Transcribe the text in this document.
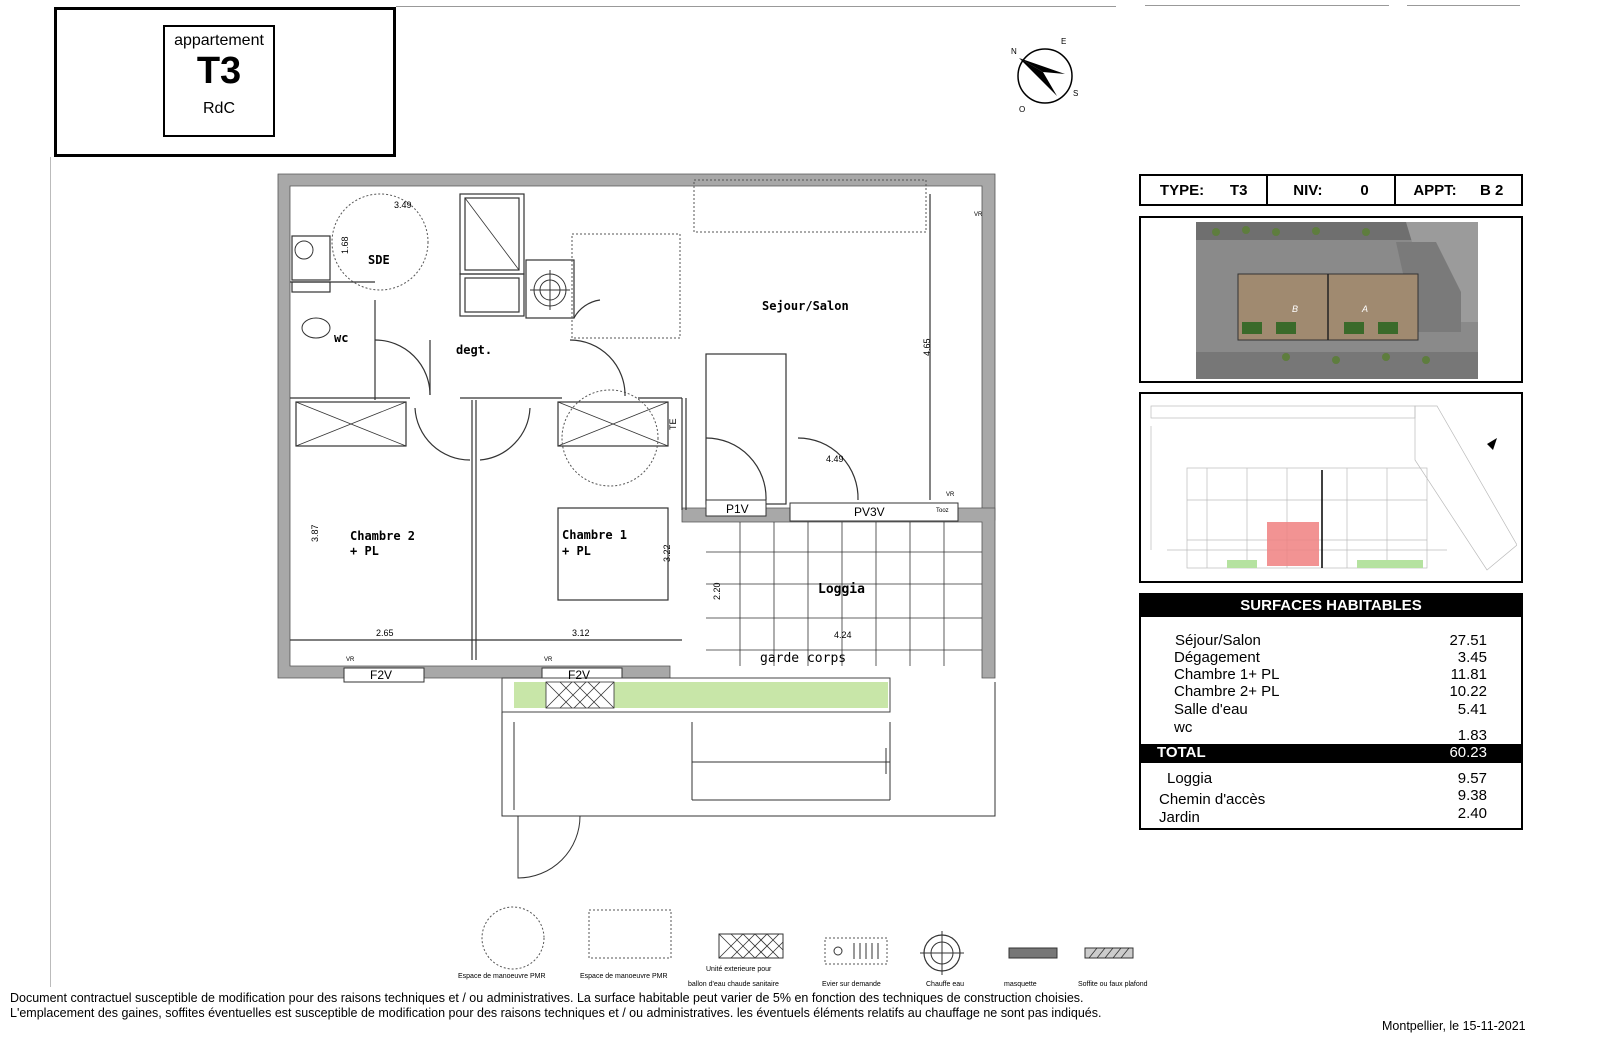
appartement
T3
RdC
N
E
S
O
SDE
wc
degt.
Sejour/Salon
Chambre 2
+ PL
Chambre 1
+ PL
Loggia
garde corps
3.49
1.68
4.65
4.49
3.87
3.22
2.20
2.65	3.12	4.24
P1V	PV3V
F2V	F2V
TE
VR	VR
VR
VR
Tooz
TYPE: T3	NIV:	0	APPT: B 2
B	A
SURFACES HABITABLES
Séjour/Salon	27.51
Dégagement	3.45
Chambre 1+ PL	11.81
Chambre 2+ PL	10.22
Salle d'eau	5.41
wc	1.83
TOTAL	60.23
Loggia	9.57
Chemin d'accès	9.38
Jardin	2.40
Espace de manoeuvre PMR	Espace de manoeuvre PMR
Unité exterieure pour
ballon d'eau chaude sanitaire	Evier sur demande	Chauffe eau	masquette	Soffite ou faux plafond
Document contractuel susceptible de modification pour des raisons techniques et / ou administratives. La surface habitable peut varier de 5% en fonction des techniques de construction choisies.
L'emplacement des gaines, soffites éventuelles est susceptible de modification pour des raisons techniques et / ou administratives. les éventuels éléments relatifs au chauffage ne sont pas indiqués.
Montpellier, le 15-11-2021
